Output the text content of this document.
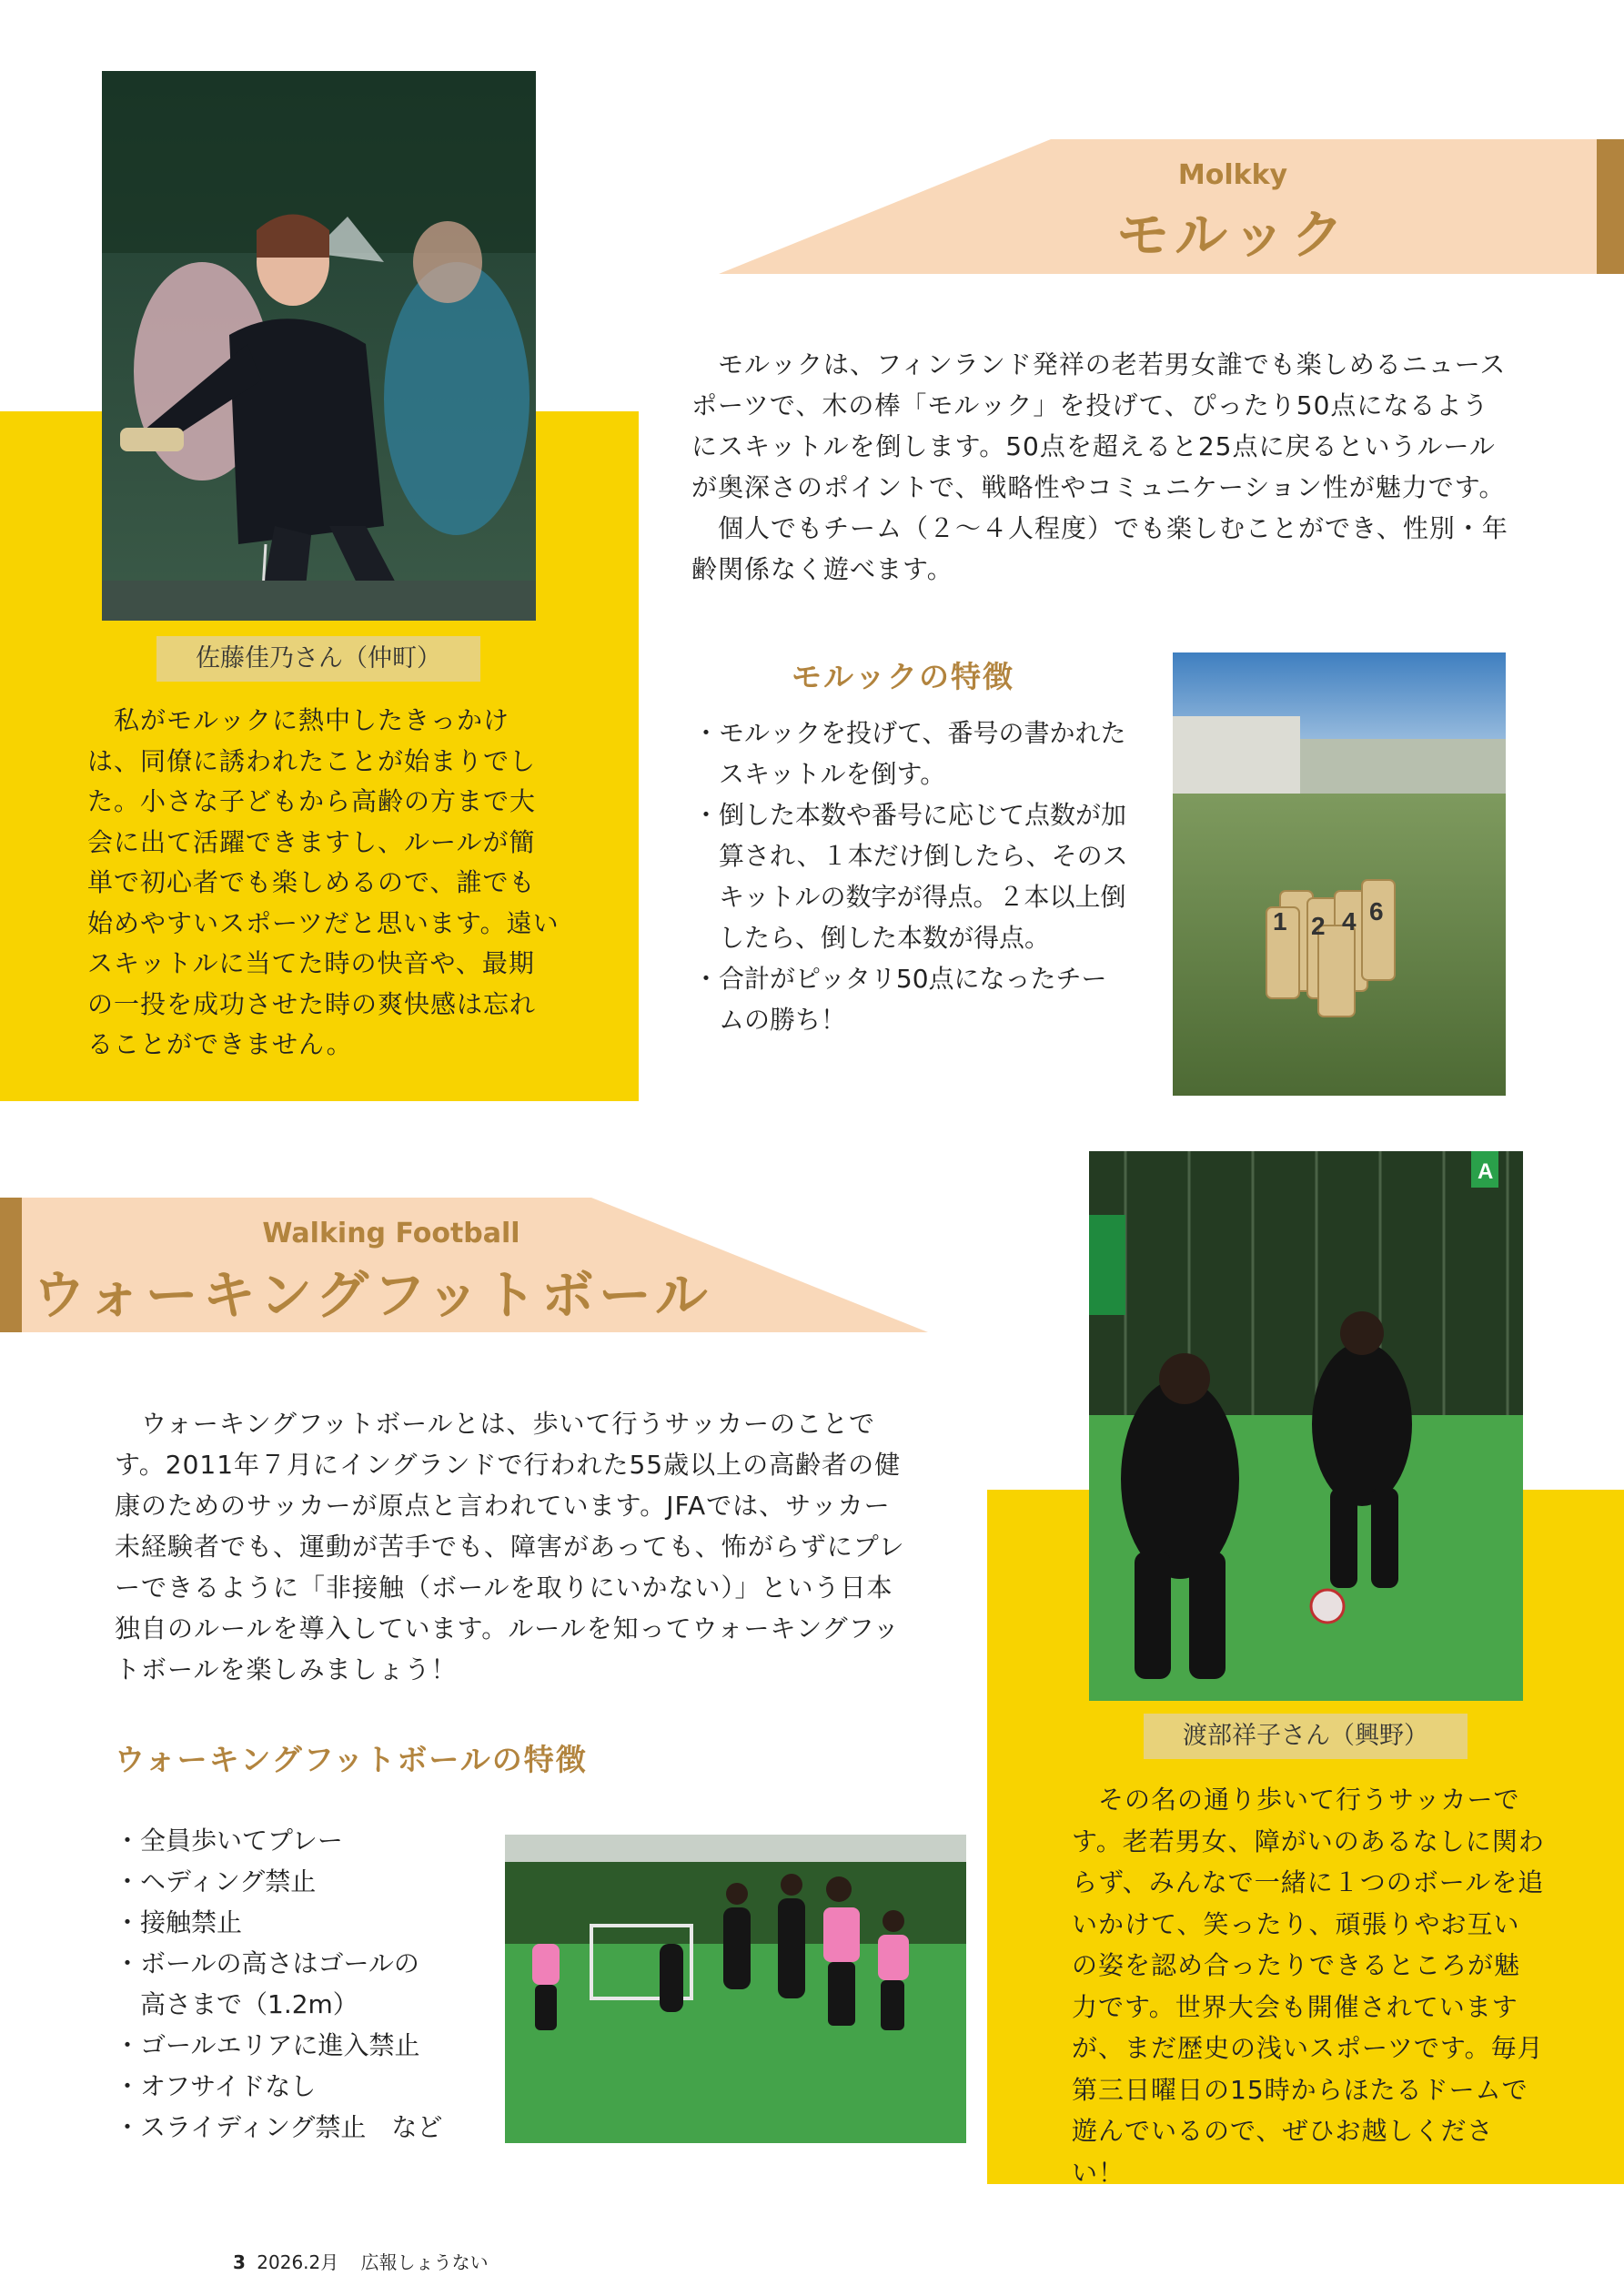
佐藤佳乃さん（仲町）
　私がモルックに熱中したきっかけは、同僚に誘われたことが始まりでした。小さな子どもから高齢の方まで大会に出て活躍できますし、ルールが簡単で初心者でも楽しめるので、誰でも始めやすいスポーツだと思います。遠いスキットルに当てた時の快音や、最期の一投を成功させた時の爽快感は忘れることができません。
Molkky
モルック
　モルックは、フィンランド発祥の老若男女誰でも楽しめるニュースポーツで、木の棒「モルック」を投げて、ぴったり50点になるようにスキットルを倒します。50点を超えると25点に戻るというルールが奥深さのポイントで、戦略性やコミュニケーション性が魅力です。
　個人でもチーム（２～４人程度）でも楽しむことができ、性別・年齢関係なく遊べます。
モルックの特徴
・モルックを投げて、番号の書かれた
　スキットルを倒す。
・倒した本数や番号に応じて点数が加
　算され、１本だけ倒したら、そのス
　キットルの数字が得点。２本以上倒
　したら、倒した本数が得点。
・合計がピッタリ50点になったチー
　ムの勝ち！
1 2 4 6
Walking Football
ウォーキングフットボール
　ウォーキングフットボールとは、歩いて行うサッカーのことです。2011年７月にイングランドで行われた55歳以上の高齢者の健康のためのサッカーが原点と言われています。JFAでは、サッカー未経験者でも、運動が苦手でも、障害があっても、怖がらずにプレーできるように「非接触（ボールを取りにいかない）」という日本独自のルールを導入しています。ルールを知ってウォーキングフットボールを楽しみましょう！
ウォーキングフットボールの特徴
・全員歩いてプレー
・ヘディング禁止
・接触禁止
・ボールの高さはゴールの
　高さまで（1.2m）
・ゴールエリアに進入禁止
・オフサイドなし
・スライディング禁止　など
A
渡部祥子さん（興野）
　その名の通り歩いて行うサッカーです。老若男女、障がいのあるなしに関わらず、みんなで一緒に１つのボールを追いかけて、笑ったり、頑張りやお互いの姿を認め合ったりできるところが魅力です。世界大会も開催されていますが、まだ歴史の浅いスポーツです。毎月第三日曜日の15時からほたるドームで遊んでいるので、ぜひお越しください！
3 2026.2月 広報しょうない
